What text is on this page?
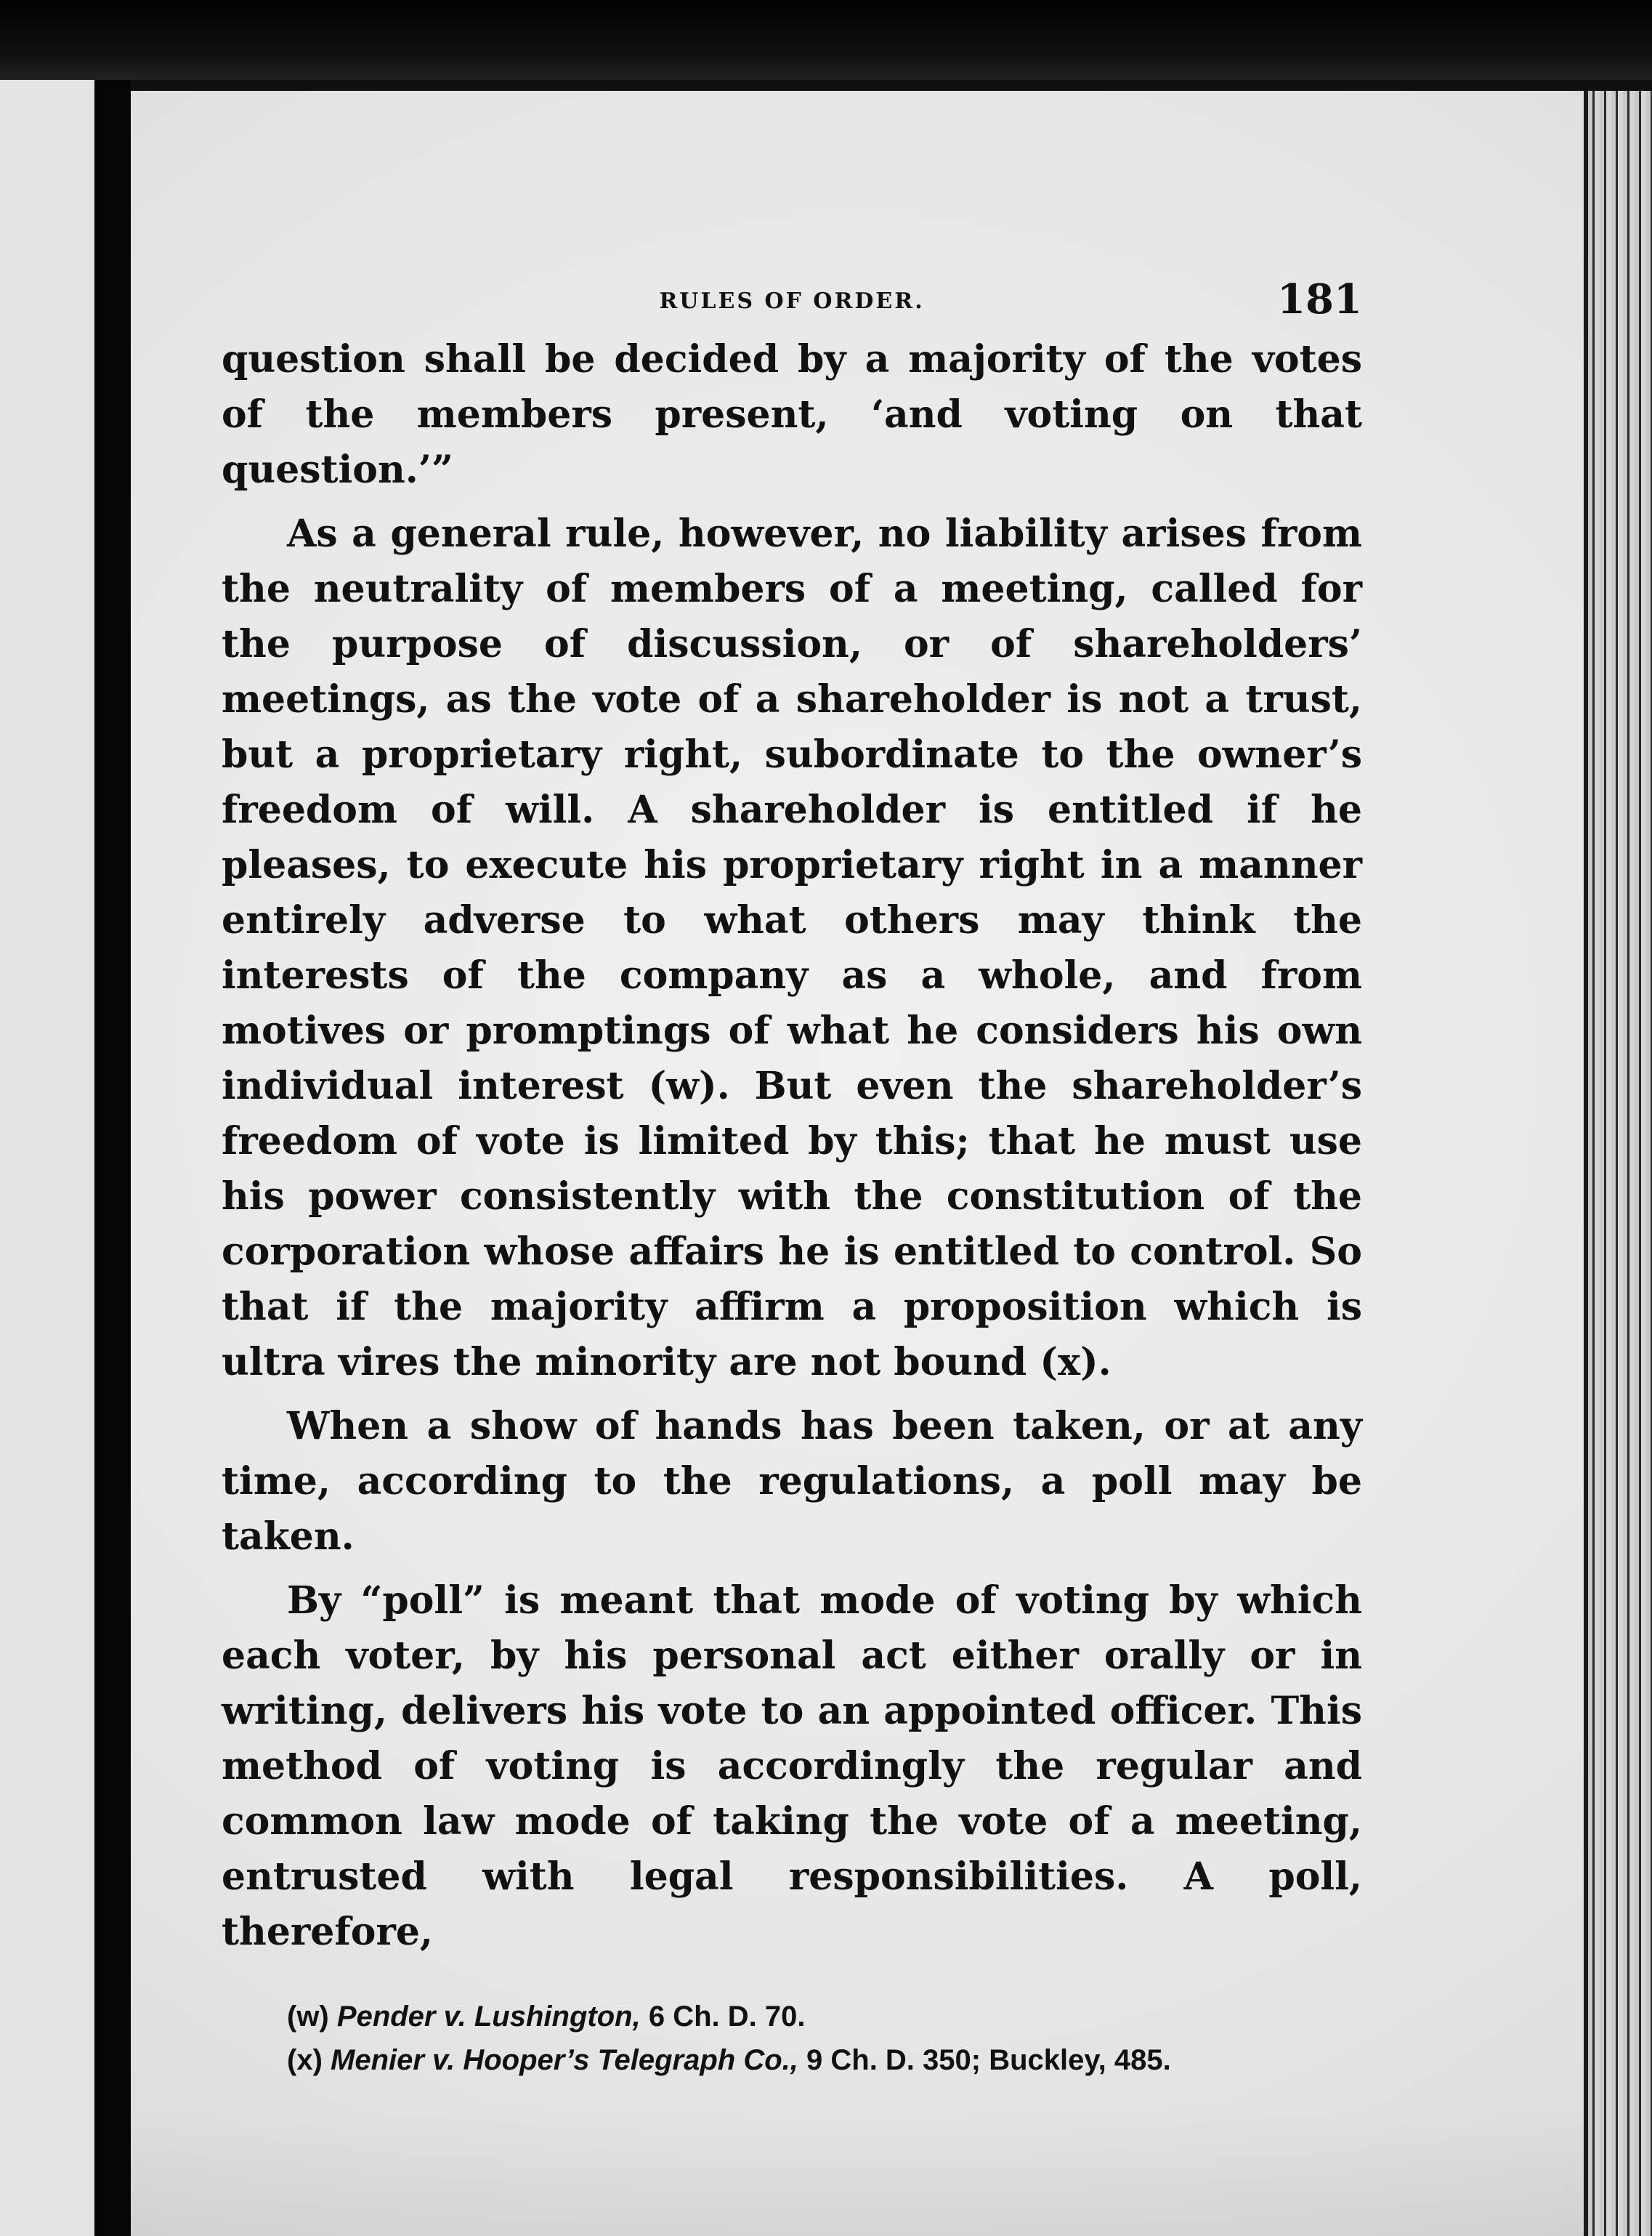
RULES OF ORDER.	181

question shall be decided by a majority of the votes of the members present, ‘and voting on that question.’”

As a general rule, however, no liability arises from the neutrality of members of a meeting, called for the purpose of discussion, or of shareholders’ meetings, as the vote of a shareholder is not a trust, but a proprietary right, subordinate to the owner’s freedom of will. A shareholder is entitled if he pleases, to execute his proprietary right in a manner entirely adverse to what others may think the interests of the company as a whole, and from motives or promptings of what he considers his own individual interest (w). But even the shareholder’s freedom of vote is limited by this; that he must use his power consistently with the constitution of the corporation whose affairs he is entitled to control. So that if the majority affirm a proposition which is ultra vires the minority are not bound (x).

When a show of hands has been taken, or at any time, according to the regulations, a poll may be taken.

By “poll” is meant that mode of voting by which each voter, by his personal act either orally or in writing, delivers his vote to an appointed officer. This method of voting is accordingly the regular and common law mode of taking the vote of a meeting, entrusted with legal responsibilities. A poll, therefore,

(w) Pender v. Lushington, 6 Ch. D. 70.

(x) Menier v. Hooper’s Telegraph Co., 9 Ch. D. 350; Buckley, 485.
